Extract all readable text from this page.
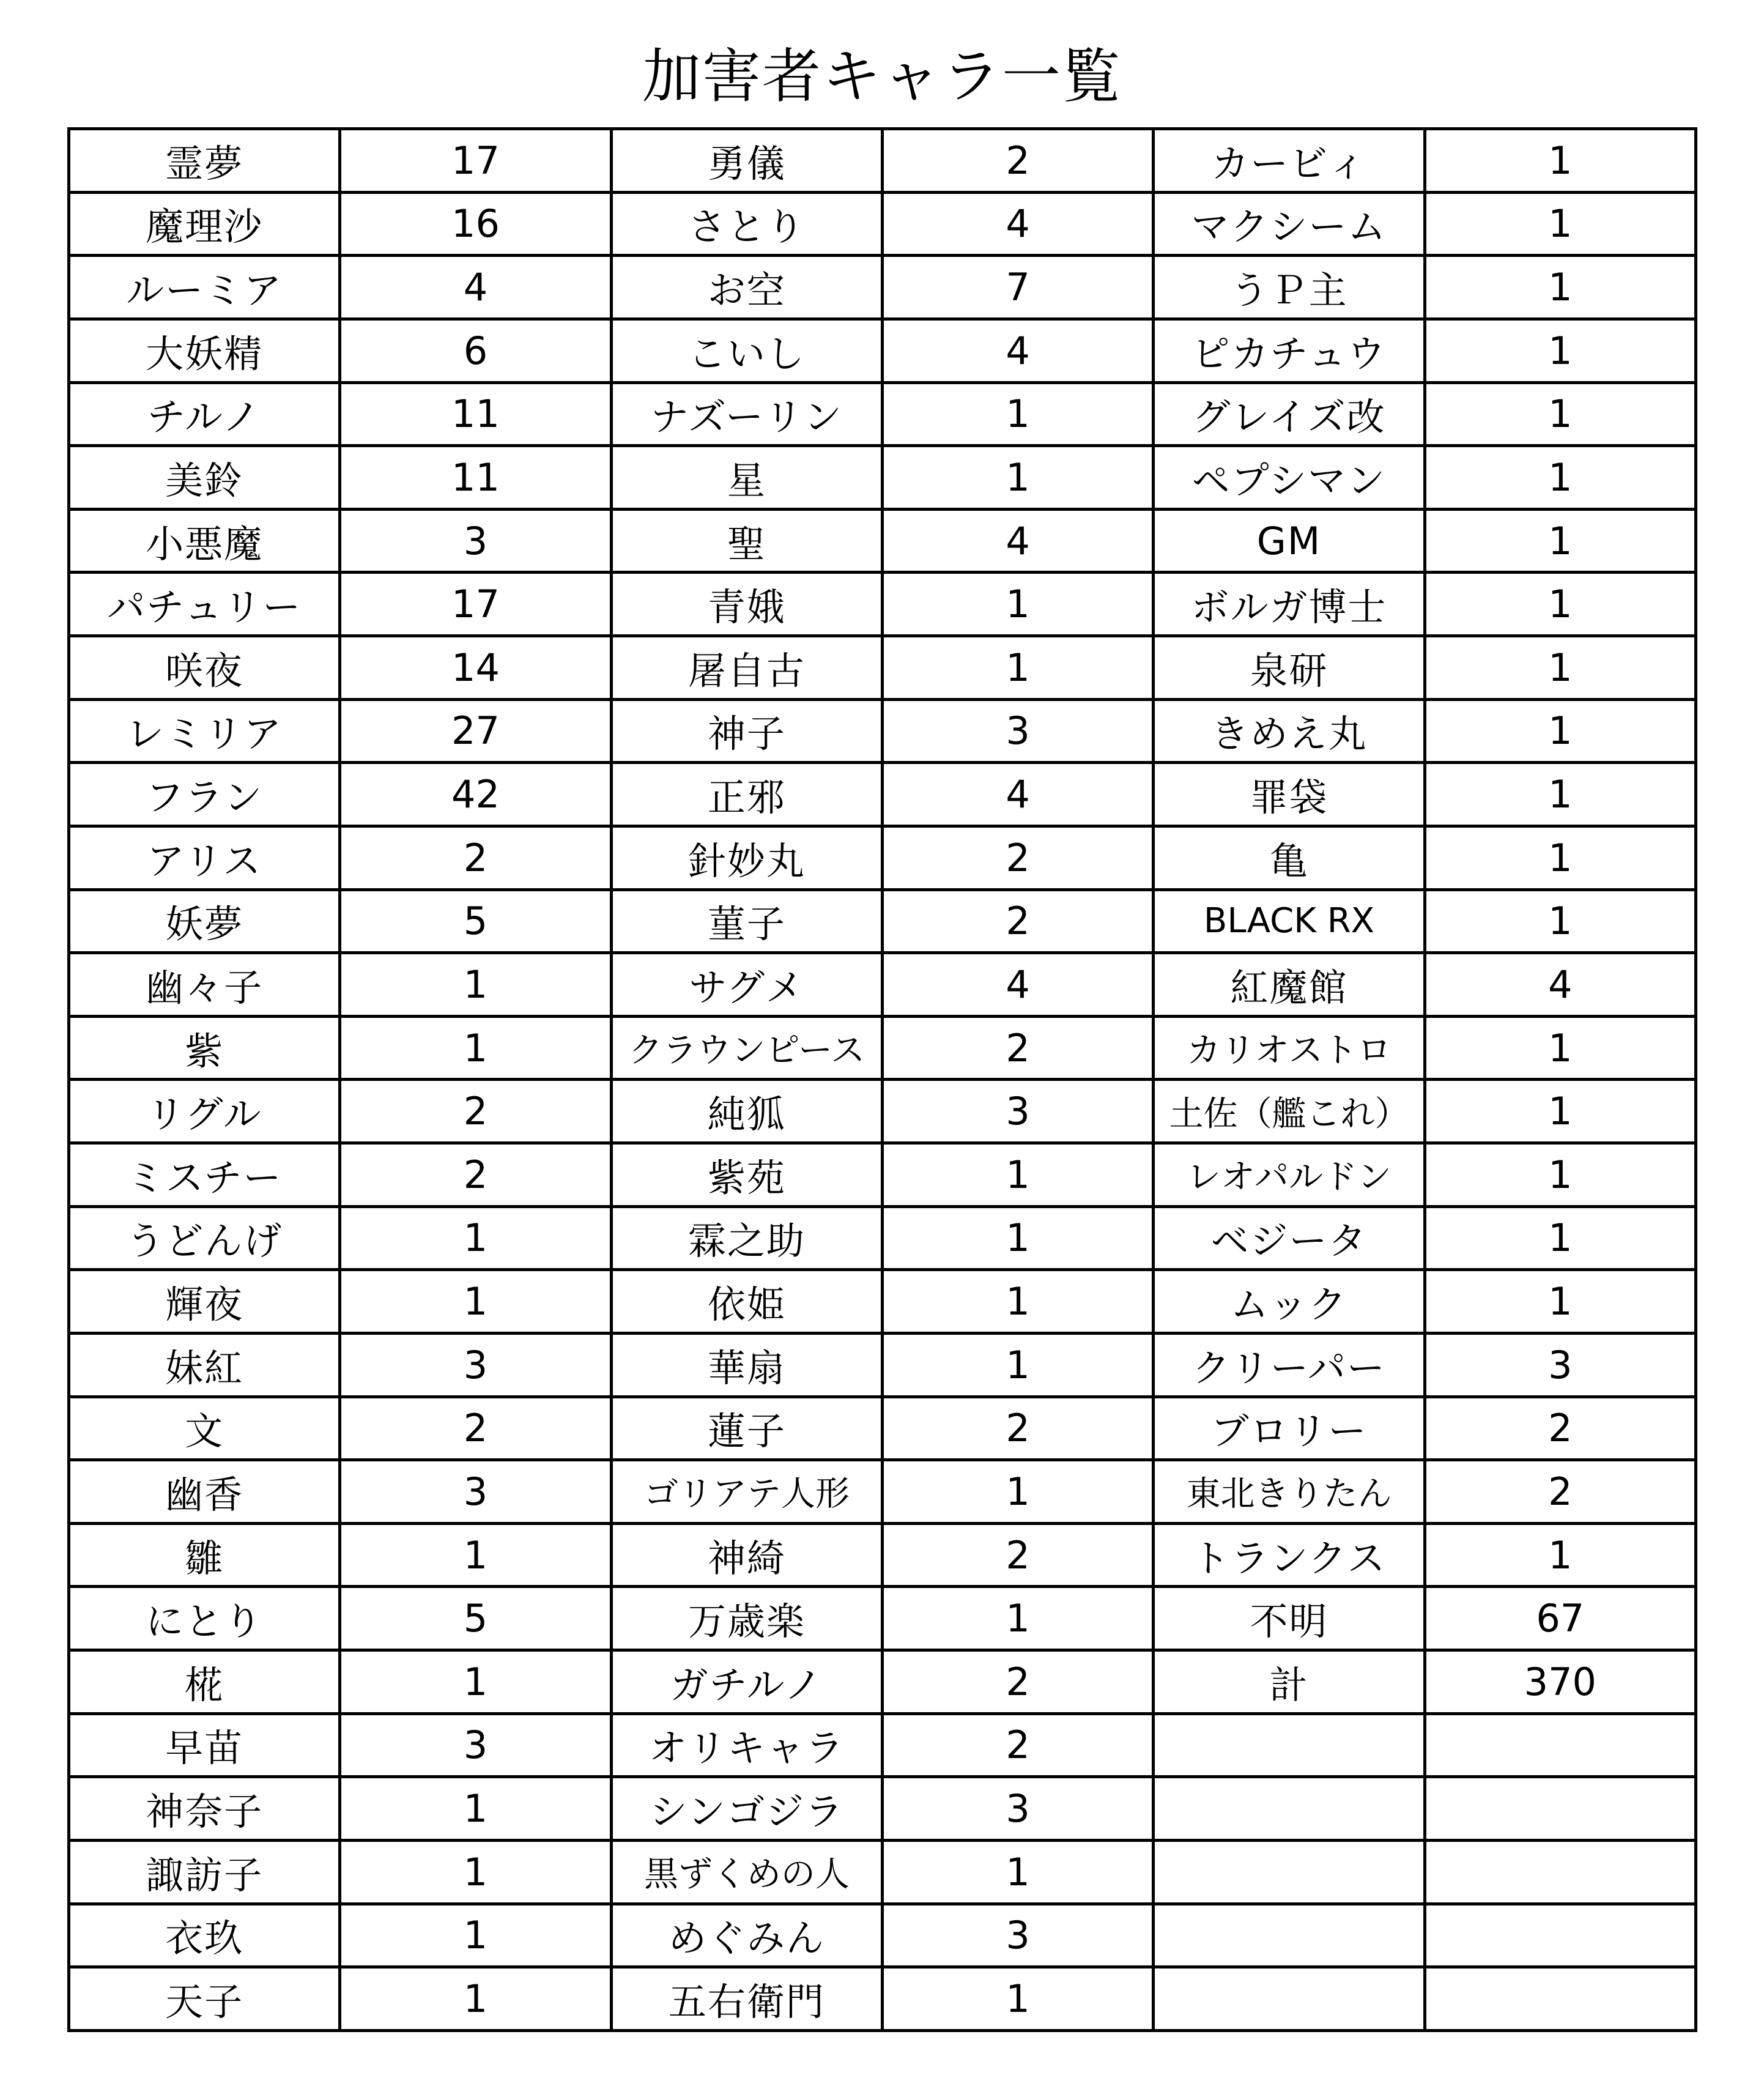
加害者キャラ一覧
霊夢	17	勇儀	2	カービィ	1
魔理沙	16	さとり	4	マクシーム	1
ルーミア	4	お空	7	うＰ主	1
大妖精	6	こいし	4	ピカチュウ	1
チルノ	11	ナズーリン	1	グレイズ改	1
美鈴	11	星	1	ペプシマン	1
小悪魔	3	聖	4	GM	1
パチュリー	17	青娥	1	ボルガ博士	1
咲夜	14	屠自古	1	泉研	1
レミリア	27	神子	3	きめえ丸	1
フラン	42	正邪	4	罪袋	1
アリス	2	針妙丸	2	亀	1
妖夢	5	菫子	2	BLACK RX	1
幽々子	1	サグメ	4	紅魔館	4
紫	1	クラウンピース	2	カリオストロ	1
リグル	2	純狐	3	土佐（艦これ）	1
ミスチー	2	紫苑	1	レオパルドン	1
うどんげ	1	霖之助	1	ベジータ	1
輝夜	1	依姫	1	ムック	1
妹紅	3	華扇	1	クリーパー	3
文	2	蓮子	2	ブロリー	2
幽香	3	ゴリアテ人形	1	東北きりたん	2
雛	1	神綺	2	トランクス	1
にとり	5	万歳楽	1	不明	67
椛	1	ガチルノ	2	計	370
早苗	3	オリキャラ	2		
神奈子	1	シンゴジラ	3		
諏訪子	1	黒ずくめの人	1		
衣玖	1	めぐみん	3		
天子	1	五右衛門	1		
